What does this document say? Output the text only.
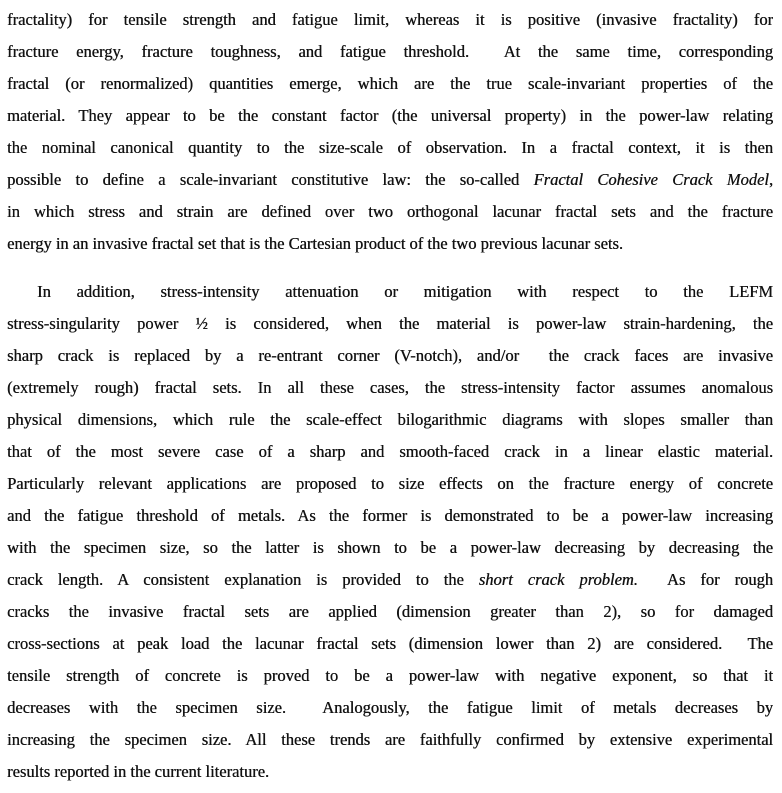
fractality) for tensile strength and fatigue limit, whereas it is positive (invasive fractality) for
fracture energy, fracture toughness, and fatigue threshold.  At the same time, corresponding
fractal (or renormalized) quantities emerge, which are the true scale-invariant properties of the
material. They appear to be the constant factor (the universal property) in the power-law relating
the nominal canonical quantity to the size-scale of observation. In a fractal context, it is then
possible to define a scale-invariant constitutive law: the so-called Fractal Cohesive Crack Model,
in which stress and strain are defined over two orthogonal lacunar fractal sets and the fracture
energy in an invasive fractal set that is the Cartesian product of the two previous lacunar sets.
In addition, stress-intensity attenuation or mitigation with respect to the LEFM
stress-singularity power ½ is considered, when the material is power-law strain-hardening, the
sharp crack is replaced by a re-entrant corner (V-notch), and/or  the crack faces are invasive
(extremely rough) fractal sets. In all these cases, the stress-intensity factor assumes anomalous
physical dimensions, which rule the scale-effect bilogarithmic diagrams with slopes smaller than
that of the most severe case of a sharp and smooth-faced crack in a linear elastic material.
Particularly relevant applications are proposed to size effects on the fracture energy of concrete
and the fatigue threshold of metals. As the former is demonstrated to be a power-law increasing
with the specimen size, so the latter is shown to be a power-law decreasing by decreasing the
crack length. A consistent explanation is provided to the short crack problem.  As for rough
cracks the invasive fractal sets are applied (dimension greater than 2), so for damaged
cross-sections at peak load the lacunar fractal sets (dimension lower than 2) are considered.  The
tensile strength of concrete is proved to be a power-law with negative exponent, so that it
decreases with the specimen size.  Analogously, the fatigue limit of metals decreases by
increasing the specimen size. All these trends are faithfully confirmed by extensive experimental
results reported in the current literature.
